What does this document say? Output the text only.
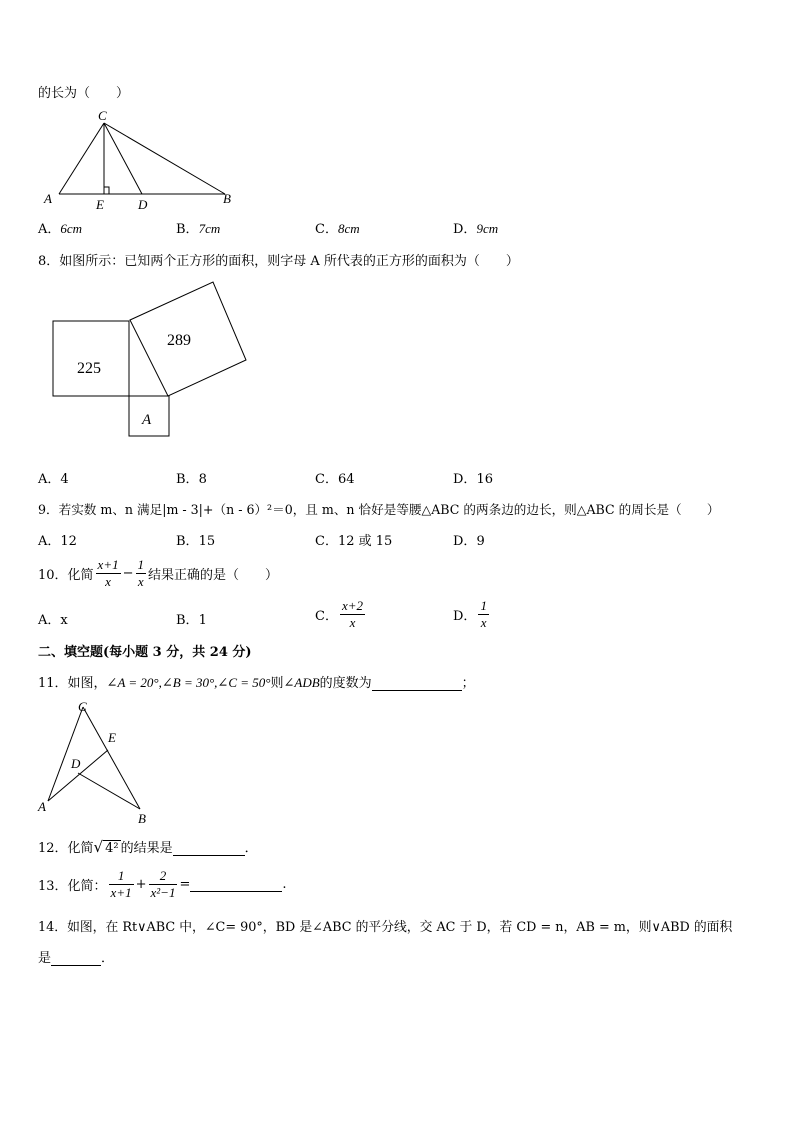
的长为（　　）
C
A	E	D	B
A．6cm	B．7cm	C．8cm	D．9cm
8．如图所示：已知两个正方形的面积，则字母 A 所代表的正方形的面积为（　　）
225
289
A
A．4	B．8	C．64	D．16
9．若实数 m、n 满足|m - 3|+（n - 6）²＝0，且 m、n 恰好是等腰△ABC 的两条边的边长，则△ABC 的周长是（　　）
A．12	B．15	C．12 或 15	D．9
10．化简 $\frac{x+1}{x} - \frac{1}{x}$ 结果正确的是（　　）
A．x	B．1	C． $\frac{x+2}{x}$	D． $\frac{1}{x}$
二、填空题(每小题 3 分，共 24 分)
11．如图，∠A = 20°,∠B = 30°,∠C = 50°则∠ADB的度数为	；
C
E
D
A
B
12．化简√ 4² 的结果是	．
13．化简： $\frac{1}{x+1} + \frac{2}{\text{x²−1}}$ =	.
14．如图，在 Rt∨ABC 中，∠C= 90°，BD 是∠ABC 的平分线，交 AC 于 D，若 CD = n，AB = m，则∨ABD 的面积
是	．
